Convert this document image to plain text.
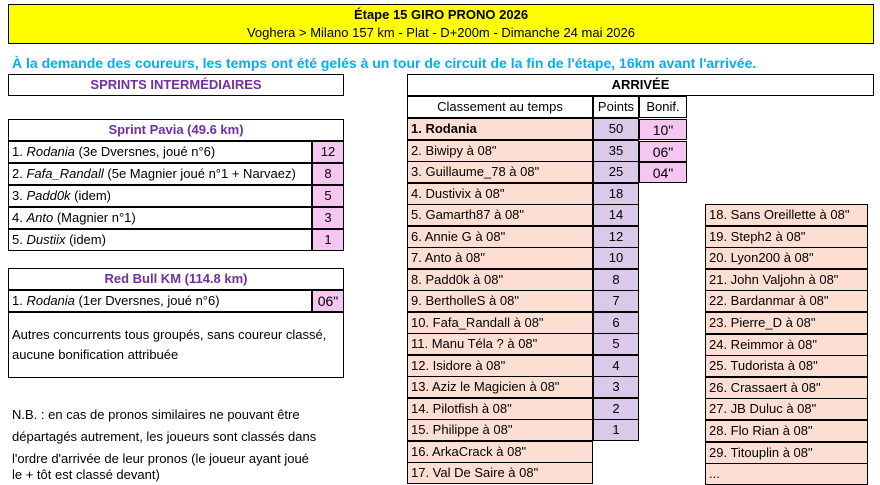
Étape 15 GIRO PRONO 2026
Voghera > Milano 157 km - Plat - D+200m - Dimanche 24 mai 2026
À la demande des coureurs, les temps ont été gelés à un tour de circuit de la fin de l'étape, 16km avant l'arrivée.
SPRINTS INTERMÉDIAIRES
Sprint Pavia (49.6 km)
1. Rodania (3e Dversnes, joué n°6)	12
2. Fafa_Randall (5e Magnier joué n°1 + Narvaez)	8
3. Padd0k (idem)	5
4. Anto (Magnier n°1)	3
5. Dustiix (idem)	1
Red Bull KM (114.8 km)
1. Rodania (1er Dversnes, joué n°6)	06"
Autres concurrents tous groupés, sans coureur classé,
aucune bonification attribuée
N.B. : en cas de pronos similaires ne pouvant être
départagés autrement, les joueurs sont classés dans
l'ordre d'arrivée de leur pronos (le joueur ayant joué
le + tôt est classé devant)
ARRIVÉE
Classement au temps	Points Bonif.
1. Rodania	50	10"
2. Biwipy à 08"	35	06"
3. Guillaume_78 à 08"	25	04"
4. Dustivix à 08"	18
5. Gamarth87 à 08"	14
6. Annie G à 08"	12
7. Anto à 08"	10
8. Padd0k à 08"	8
9. BertholleS à 08"	7
10. Fafa_Randall à 08"	6
11. Manu Téla ? à 08"	5
12. Isidore à 08"	4
13. Aziz le Magicien à 08"	3
14. Pilotfish à 08"	2
15. Philippe à 08"	1
16. ArkaCrack à 08"
17. Val De Saire à 08"
18. Sans Oreillette à 08"
19. Steph2 à 08"
20. Lyon200 à 08"
21. John Valjohn à 08"
22. Bardanmar à 08"
23. Pierre_D à 08"
24. Reimmor à 08"
25. Tudorista à 08"
26. Crassaert à 08"
27. JB Duluc à 08"
28. Flo Rian à 08"
29. Titouplin à 08"
...
